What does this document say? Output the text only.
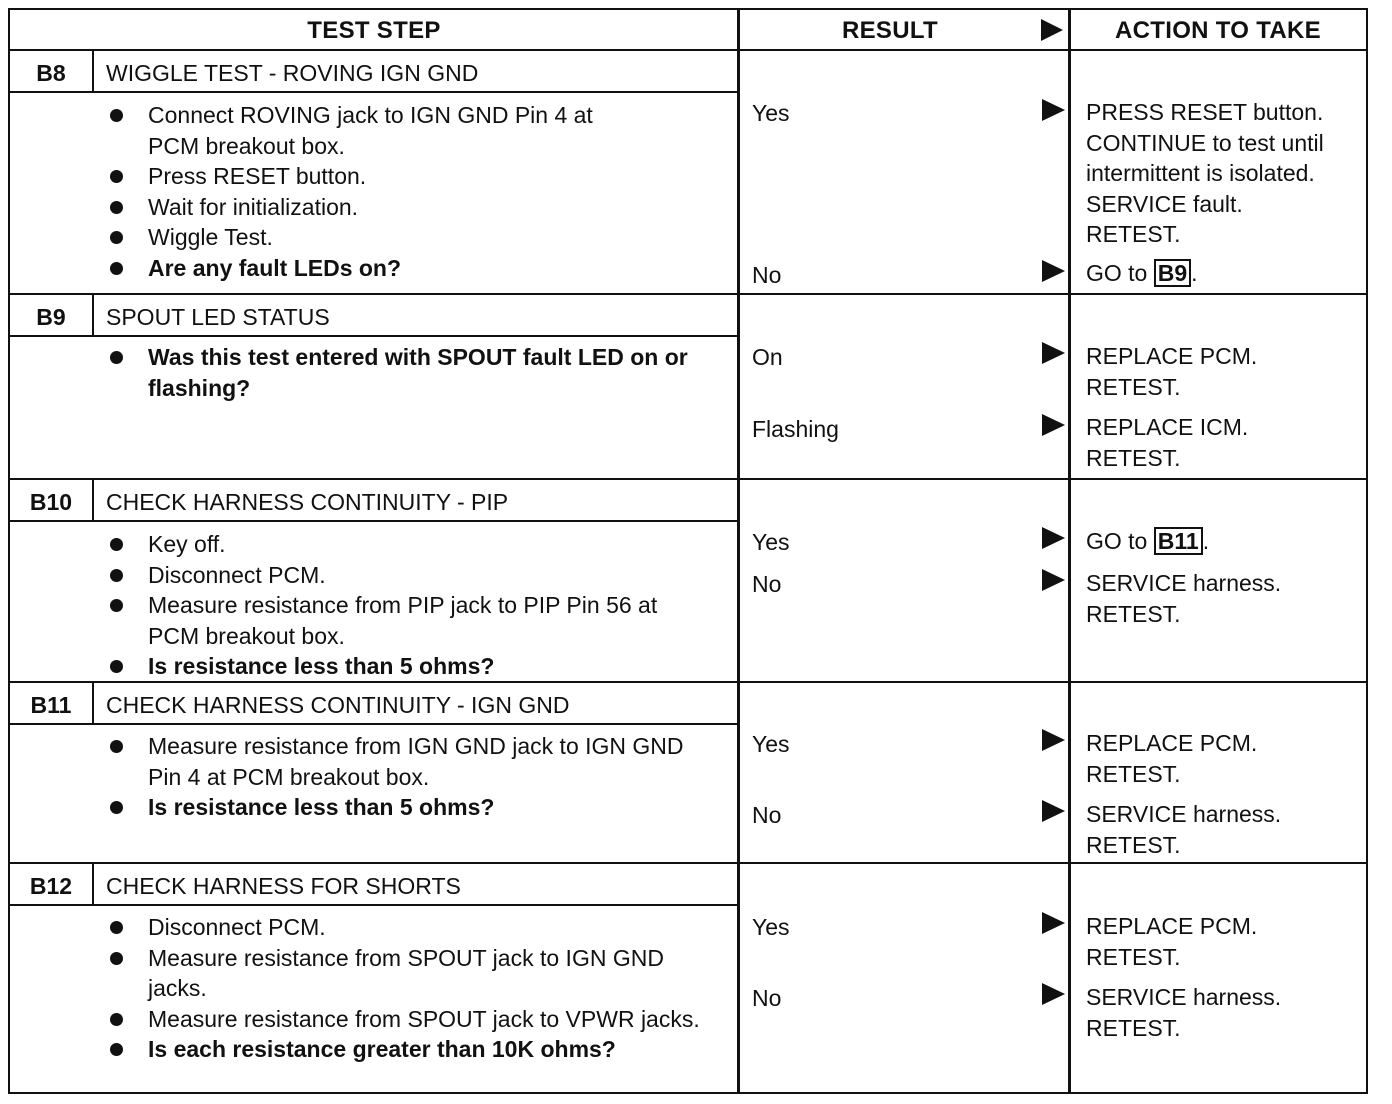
TEST STEP	RESULT	ACTION TO TAKE
B8	WIGGLE TEST - ROVING IGN GND
Connect ROVING jack to IGN GND Pin 4 at PCM breakout box.
Press RESET button.
Wait for initialization.
Wiggle Test.
Are any fault LEDs on?
Yes	PRESS RESET button.
CONTINUE to test until
intermittent is isolated.
SERVICE fault.
RETEST.
No	GO to B9 .
B9	SPOUT LED STATUS
Was this test entered with SPOUT fault LED on or flashing?
On	REPLACE PCM.
RETEST.
Flashing	REPLACE ICM.
RETEST.
B10	CHECK HARNESS CONTINUITY - PIP
Key off.
Disconnect PCM.
Measure resistance from PIP jack to PIP Pin 56 at PCM breakout box.
Is resistance less than 5 ohms?
Yes	GO to B11 .
No	SERVICE harness.
RETEST.
B11	CHECK HARNESS CONTINUITY - IGN GND
Measure resistance from IGN GND jack to IGN GND Pin 4 at PCM breakout box.
Is resistance less than 5 ohms?
Yes	REPLACE PCM.
RETEST.
No	SERVICE harness.
RETEST.
B12	CHECK HARNESS FOR SHORTS
Disconnect PCM.
Measure resistance from SPOUT jack to IGN GND jacks.
Measure resistance from SPOUT jack to VPWR jacks.
Is each resistance greater than 10K ohms?
Yes	REPLACE PCM.
RETEST.
No	SERVICE harness.
RETEST.
